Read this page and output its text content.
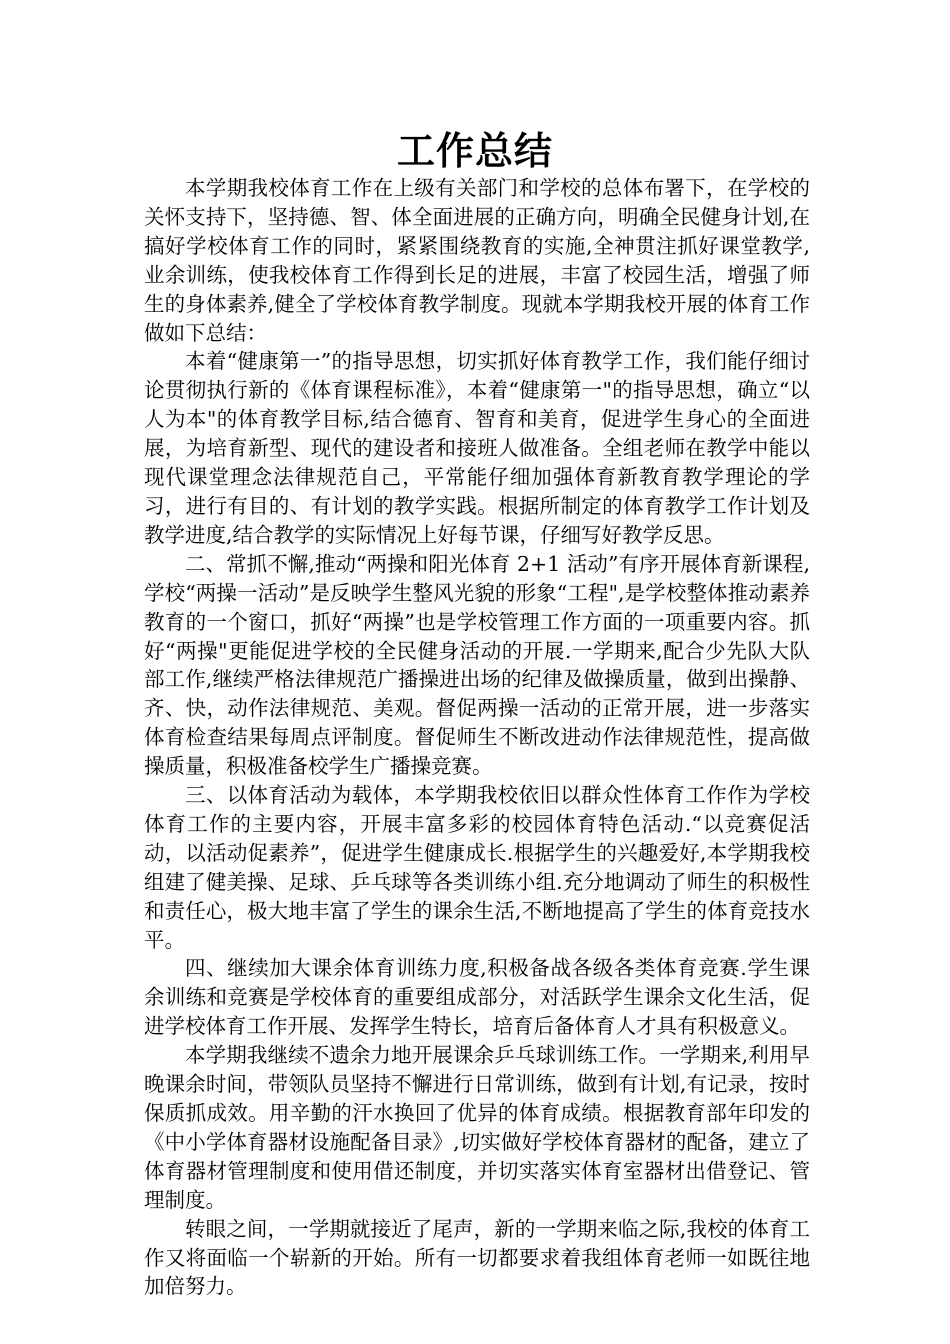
工作总结

本学期我校体育工作在上级有关部门和学校的总体布署下，在学校的关怀支持下，坚持德、智、体全面进展的正确方向，明确全民健身计划,在搞好学校体育工作的同时，紧紧围绕教育的实施,全神贯注抓好课堂教学,业余训练，使我校体育工作得到长足的进展，丰富了校园生活，增强了师生的身体素养,健全了学校体育教学制度。现就本学期我校开展的体育工作做如下总结：

本着“健康第一”的指导思想，切实抓好体育教学工作，我们能仔细讨论贯彻执行新的《体育课程标准》，本着“健康第一"的指导思想，确立“以人为本"的体育教学目标,结合德育、智育和美育，促进学生身心的全面进展，为培育新型、现代的建设者和接班人做准备。全组老师在教学中能以现代课堂理念法律规范自己，平常能仔细加强体育新教育教学理论的学习，进行有目的、有计划的教学实践。根据所制定的体育教学工作计划及教学进度,结合教学的实际情况上好每节课，仔细写好教学反思。

二、常抓不懈,推动“两操和阳光体育 2+1 活动”有序开展体育新课程,学校“两操一活动”是反映学生整风光貌的形象“工程",是学校整体推动素养教育的一个窗口，抓好“两操”也是学校管理工作方面的一项重要内容。抓好“两操"更能促进学校的全民健身活动的开展.一学期来,配合少先队大队部工作,继续严格法律规范广播操进出场的纪律及做操质量，做到出操静、齐、快，动作法律规范、美观。督促两操一活动的正常开展，进一步落实体育检查结果每周点评制度。督促师生不断改进动作法律规范性，提高做操质量，积极准备校学生广播操竞赛。

三、以体育活动为载体，本学期我校依旧以群众性体育工作作为学校体育工作的主要内容，开展丰富多彩的校园体育特色活动.“以竞赛促活动，以活动促素养”，促进学生健康成长.根据学生的兴趣爱好,本学期我校组建了健美操、足球、乒乓球等各类训练小组.充分地调动了师生的积极性和责任心，极大地丰富了学生的课余生活,不断地提高了学生的体育竞技水平。

四、继续加大课余体育训练力度,积极备战各级各类体育竞赛.学生课余训练和竞赛是学校体育的重要组成部分，对活跃学生课余文化生活，促进学校体育工作开展、发挥学生特长，培育后备体育人才具有积极意义。

本学期我继续不遗余力地开展课余乒乓球训练工作。一学期来,利用早晚课余时间，带领队员坚持不懈进行日常训练，做到有计划,有记录，按时保质抓成效。用辛勤的汗水换回了优异的体育成绩。根据教育部年印发的《中小学体育器材设施配备目录》,切实做好学校体育器材的配备，建立了体育器材管理制度和使用借还制度，并切实落实体育室器材出借登记、管理制度。

转眼之间，一学期就接近了尾声，新的一学期来临之际,我校的体育工作又将面临一个崭新的开始。所有一切都要求着我组体育老师一如既往地加倍努力。
